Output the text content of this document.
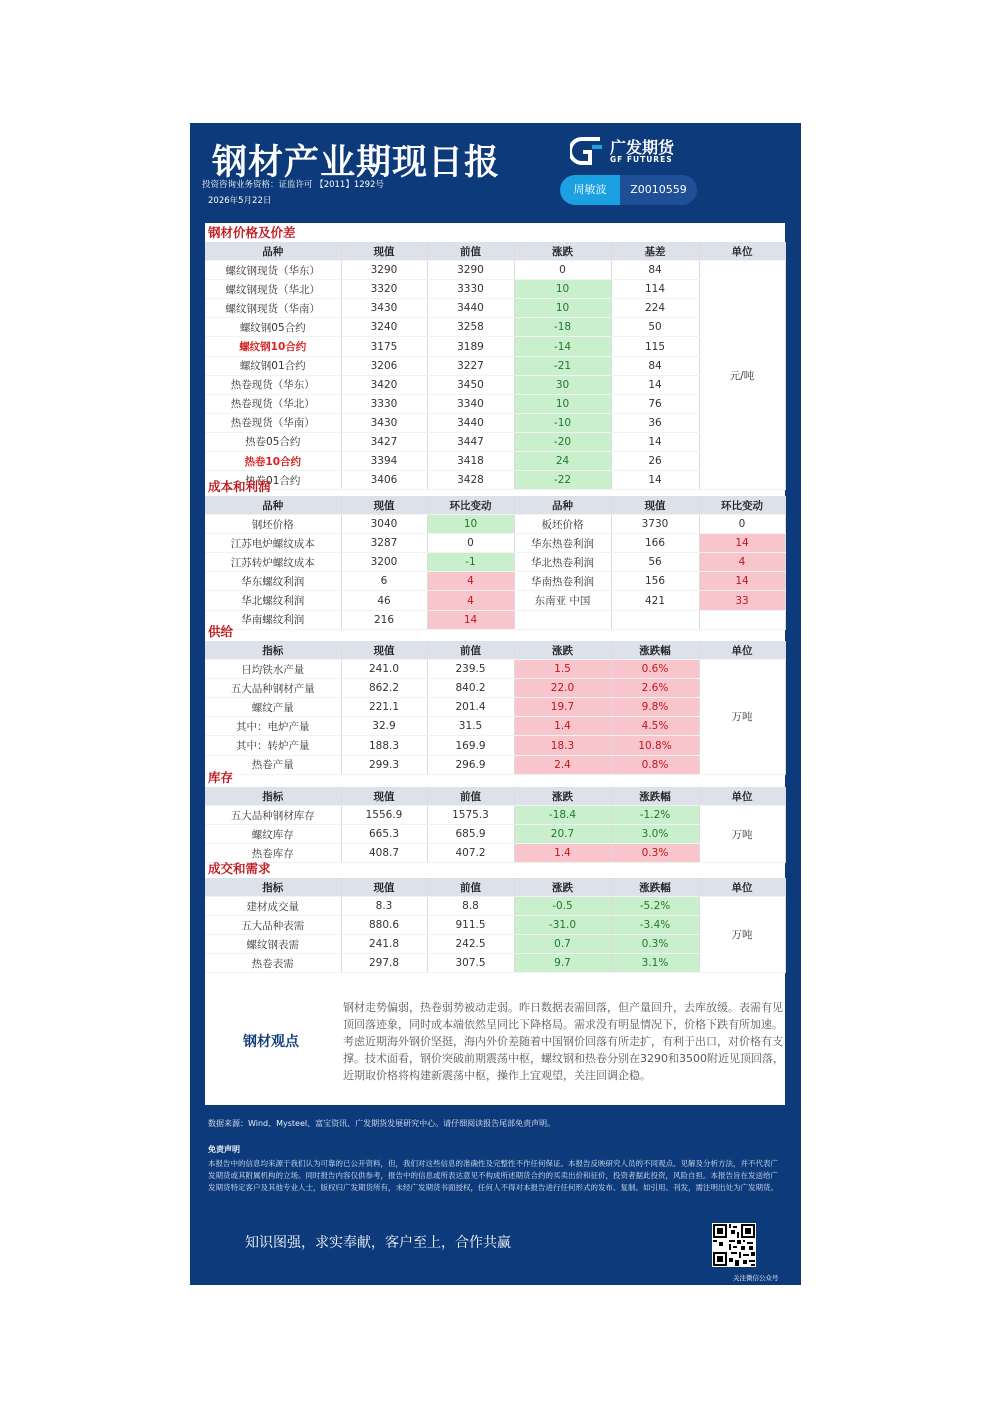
钢材产业期现日报
投资咨询业务资格：证监许可 【2011】1292号
2026年5月22日
广发期货
GF FUTURES
周敏波	Z0010559
钢材价格及价差
品种	现值	前值	涨跌	基差	单位
螺纹钢现货（华东）	3290	3290	0	84	元/吨
螺纹钢现货（华北）	3320	3330	10	114	
螺纹钢现货（华南）	3430	3440	10	224	
螺纹钢05合约	3240	3258	-18	50	
螺纹钢10合约	3175	3189	-14	115	
螺纹钢01合约	3206	3227	-21	84	
热卷现货（华东）	3420	3450	30	14	
热卷现货（华北）	3330	3340	10	76	
热卷现货（华南）	3430	3440	-10	36	
热卷05合约	3427	3447	-20	14	
热卷10合约	3394	3418	24	26	
热卷01合约	3406	3428	-22	14	
成本和利润
品种	现值	环比变动	品种	现值	环比变动
钢坯价格	3040	10	板坯价格	3730	0
江苏电炉螺纹成本	3287	0	华东热卷利润	166	14
江苏转炉螺纹成本	3200	-1	华北热卷利润	56	4
华东螺纹利润	6	4	华南热卷利润	156	14
华北螺纹利润	46	4	东南亚 中国	421	33
华南螺纹利润	216	14			
供给
指标	现值	前值	涨跌	涨跌幅	单位
日均铁水产量	241.0	239.5	1.5	0.6%	万吨
五大品种钢材产量	862.2	840.2	22.0	2.6%	
螺纹产量	221.1	201.4	19.7	9.8%	
其中：电炉产量	32.9	31.5	1.4	4.5%	
其中：转炉产量	188.3	169.9	18.3	10.8%	
热卷产量	299.3	296.9	2.4	0.8%	
库存
指标	现值	前值	涨跌	涨跌幅	单位
五大品种钢材库存	1556.9	1575.3	-18.4	-1.2%	万吨
螺纹库存	665.3	685.9	20.7	3.0%	
热卷库存	408.7	407.2	1.4	0.3%	
成交和需求
指标	现值	前值	涨跌	涨跌幅	单位
建材成交量	8.3	8.8	-0.5	-5.2%	万吨
五大品种表需	880.6	911.5	-31.0	-3.4%	
螺纹钢表需	241.8	242.5	0.7	0.3%	
热卷表需	297.8	307.5	9.7	3.1%	
钢材观点
钢材走势偏弱，热卷弱势被动走弱。昨日数据表需回落，但产量回升，去库放缓。表需有见顶回落迹象，同时成本端依然呈同比下降格局。需求没有明显情况下，价格下跌有所加速。考虑近期海外钢价坚挺，海内外价差随着中国钢价回落有所走扩，有利于出口，对价格有支撑。技术面看，钢价突破前期震荡中枢，螺纹钢和热卷分别在3290和3500附近见顶回落，近期取价格将构建新震荡中枢，操作上宜观望，关注回调企稳。
数据来源：Wind、Mysteel、富宝资讯、广发期货发展研究中心。请仔细阅读报告尾部免责声明。
免责声明
本报告中的信息均来源于我们认为可靠的已公开资料，但，我们对这些信息的准确性及完整性不作任何保证。本报告反映研究人员的不同观点、见解及分析方法，并不代表广发期货或其附属机构的立场。同时报告内容仅供参考，报告中的信息或所表达意见不构成所述期货合约的买卖出价和征价，投资者据此投资，风险自担。本报告旨在发送给广发期货特定客户及其他专业人士，版权归广发期货所有，未经广发期货书面授权，任何人不得对本报告进行任何形式的发布、复制。如引用、刊发，需注明出处为广发期货。
知识图强，求实奉献，客户至上，合作共赢
关注微信公众号
